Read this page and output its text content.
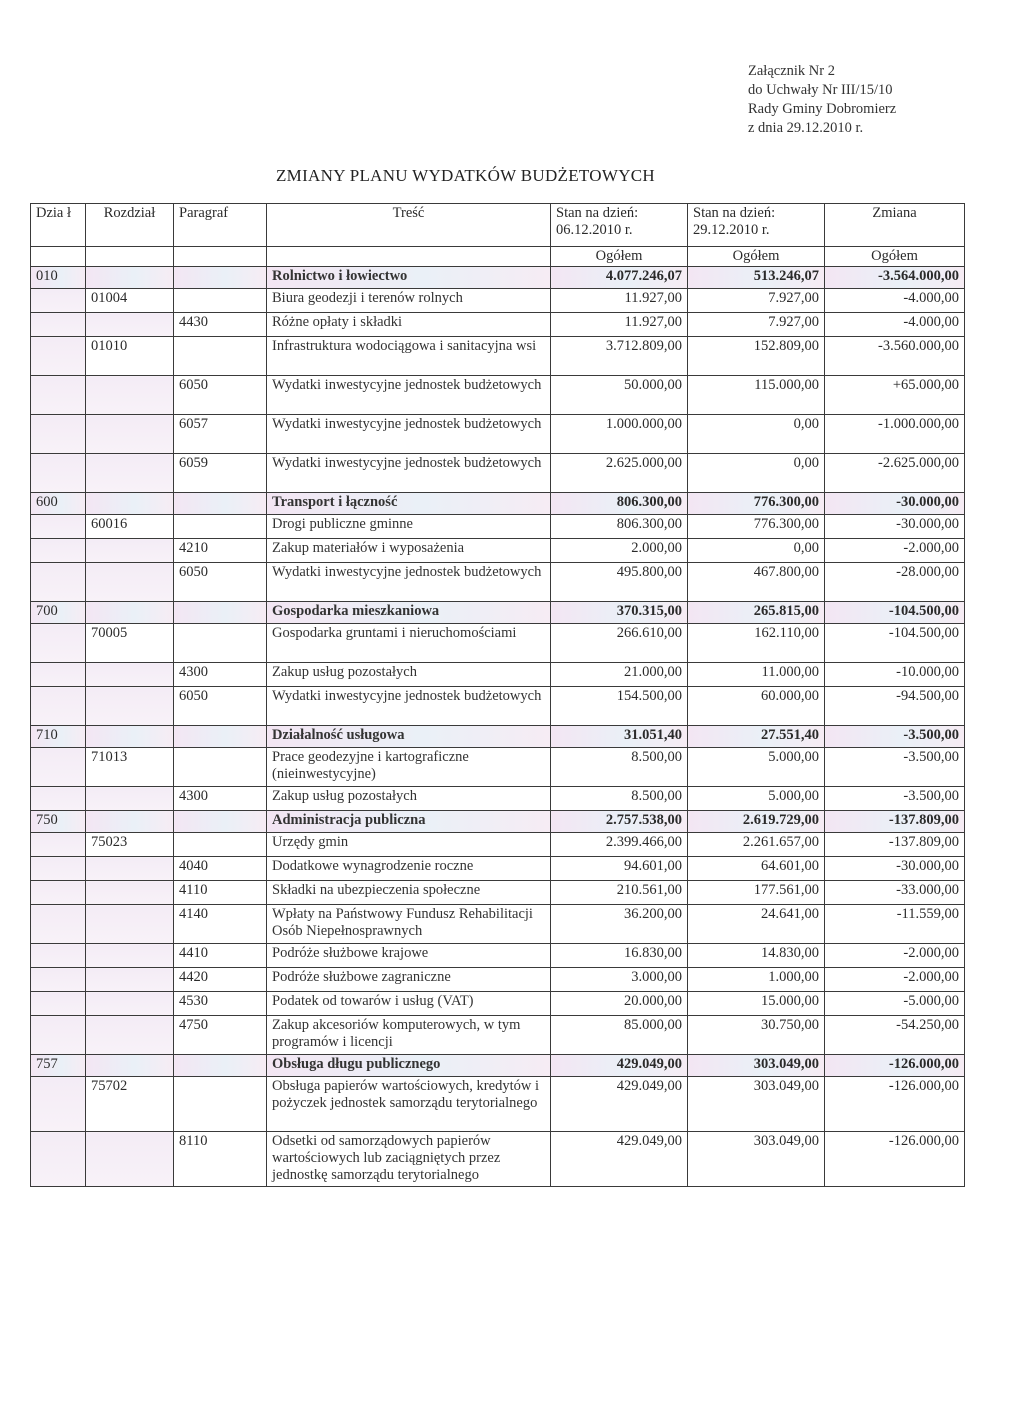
Załącznik Nr 2
do Uchwały Nr III/15/10
Rady Gminy Dobromierz
z dnia 29.12.2010 r.
ZMIANY PLANU WYDATKÓW BUDŻETOWYCH
Dzia ł	Rozdział	Paragraf	Treść	Stan na dzień: 06.12.2010 r.	Stan na dzień: 29.12.2010 r.	Zmiana
				Ogółem	Ogółem	Ogółem
010			Rolnictwo i łowiectwo	4.077.246,07	513.246,07	-3.564.000,00
	01004		Biura geodezji i terenów rolnych	11.927,00	7.927,00	-4.000,00
		4430	Różne opłaty i składki	11.927,00	7.927,00	-4.000,00
	01010		Infrastruktura wodociągowa i sanitacyjna wsi	3.712.809,00	152.809,00	-3.560.000,00
		6050	Wydatki inwestycyjne jednostek budżetowych	50.000,00	115.000,00	+65.000,00
		6057	Wydatki inwestycyjne jednostek budżetowych	1.000.000,00	0,00	-1.000.000,00
		6059	Wydatki inwestycyjne jednostek budżetowych	2.625.000,00	0,00	-2.625.000,00
600			Transport i łączność	806.300,00	776.300,00	-30.000,00
	60016		Drogi publiczne gminne	806.300,00	776.300,00	-30.000,00
		4210	Zakup materiałów i wyposażenia	2.000,00	0,00	-2.000,00
		6050	Wydatki inwestycyjne jednostek budżetowych	495.800,00	467.800,00	-28.000,00
700			Gospodarka mieszkaniowa	370.315,00	265.815,00	-104.500,00
	70005		Gospodarka gruntami i nieruchomościami	266.610,00	162.110,00	-104.500,00
		4300	Zakup usług pozostałych	21.000,00	11.000,00	-10.000,00
		6050	Wydatki inwestycyjne jednostek budżetowych	154.500,00	60.000,00	-94.500,00
710			Działalność usługowa	31.051,40	27.551,40	-3.500,00
	71013		Prace geodezyjne i kartograficzne (nieinwestycyjne)	8.500,00	5.000,00	-3.500,00
		4300	Zakup usług pozostałych	8.500,00	5.000,00	-3.500,00
750			Administracja publiczna	2.757.538,00	2.619.729,00	-137.809,00
	75023		Urzędy gmin	2.399.466,00	2.261.657,00	-137.809,00
		4040	Dodatkowe wynagrodzenie roczne	94.601,00	64.601,00	-30.000,00
		4110	Składki na ubezpieczenia społeczne	210.561,00	177.561,00	-33.000,00
		4140	Wpłaty na Państwowy Fundusz Rehabilitacji Osób Niepełnosprawnych	36.200,00	24.641,00	-11.559,00
		4410	Podróże służbowe krajowe	16.830,00	14.830,00	-2.000,00
		4420	Podróże służbowe zagraniczne	3.000,00	1.000,00	-2.000,00
		4530	Podatek od towarów i usług (VAT)	20.000,00	15.000,00	-5.000,00
		4750	Zakup akcesoriów komputerowych, w tym programów i licencji	85.000,00	30.750,00	-54.250,00
757			Obsługa długu publicznego	429.049,00	303.049,00	-126.000,00
	75702		Obsługa papierów wartościowych, kredytów i pożyczek jednostek samorządu terytorialnego	429.049,00	303.049,00	-126.000,00
		8110	Odsetki od samorządowych papierów wartościowych lub zaciągniętych przez jednostkę samorządu terytorialnego	429.049,00	303.049,00	-126.000,00
